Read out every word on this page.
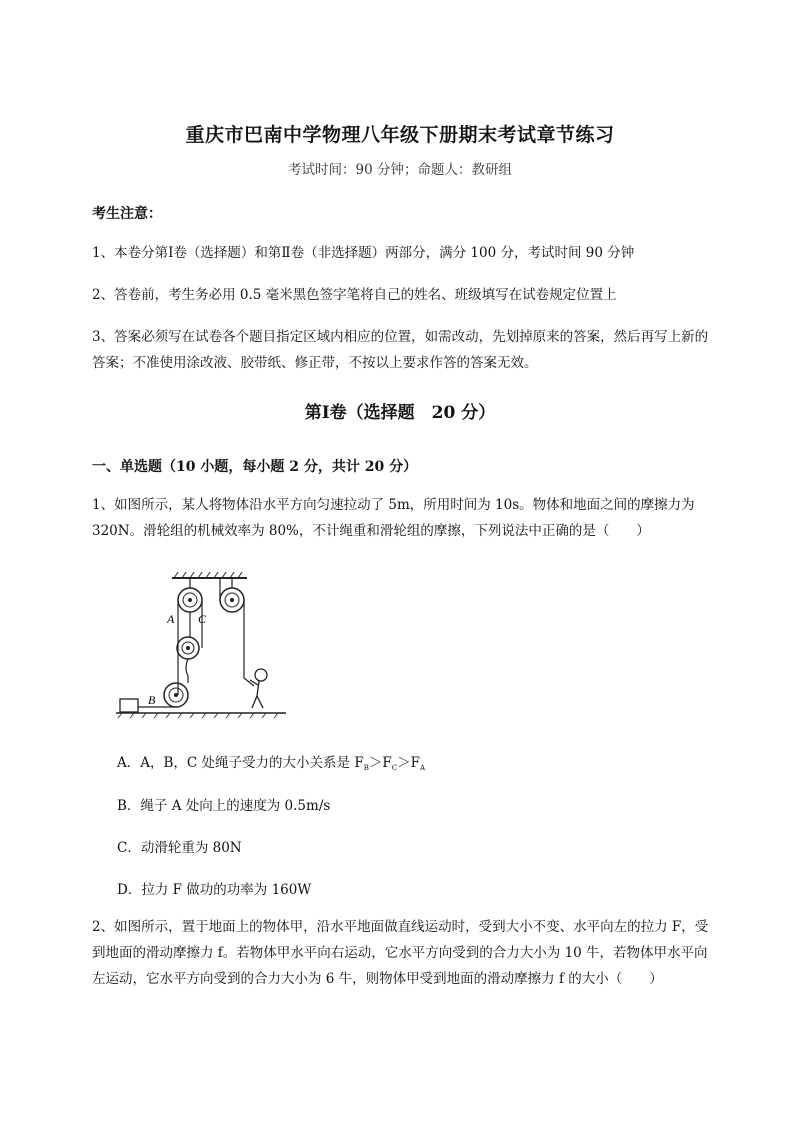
重庆市巴南中学物理八年级下册期末考试章节练习
考试时间：90 分钟；命题人：教研组
考生注意：
1、本卷分第Ⅰ卷（选择题）和第Ⅱ卷（非选择题）两部分，满分 100 分，考试时间 90 分钟
2、答卷前，考生务必用 0.5 毫米黑色签字笔将自己的姓名、班级填写在试卷规定位置上
3、答案必须写在试卷各个题目指定区域内相应的位置，如需改动，先划掉原来的答案，然后再写上新的答案；不准使用涂改液、胶带纸、修正带，不按以上要求作答的答案无效。
第Ⅰ卷（选择题　20 分）
一、单选题（10 小题，每小题 2 分，共计 20 分）
1、如图所示，某人将物体沿水平方向匀速拉动了 5m，所用时间为 10s。物体和地面之间的摩擦力为 320N。滑轮组的机械效率为 80%，不计绳重和滑轮组的摩擦，下列说法中正确的是（　　）
A
B
C
A．A，B，C 处绳子受力的大小关系是 $F_B>F_C>F_A$
B．绳子 A 处向上的速度为 0.5m/s
C．动滑轮重为 80N
D．拉力 F 做功的功率为 160W
2、如图所示，置于地面上的物体甲，沿水平地面做直线运动时，受到大小不变、水平向左的拉力 F，受到地面的滑动摩擦力 f。若物体甲水平向右运动，它水平方向受到的合力大小为 10 牛，若物体甲水平向左运动，它水平方向受到的合力大小为 6 牛，则物体甲受到地面的滑动摩擦力 f 的大小（　　）
